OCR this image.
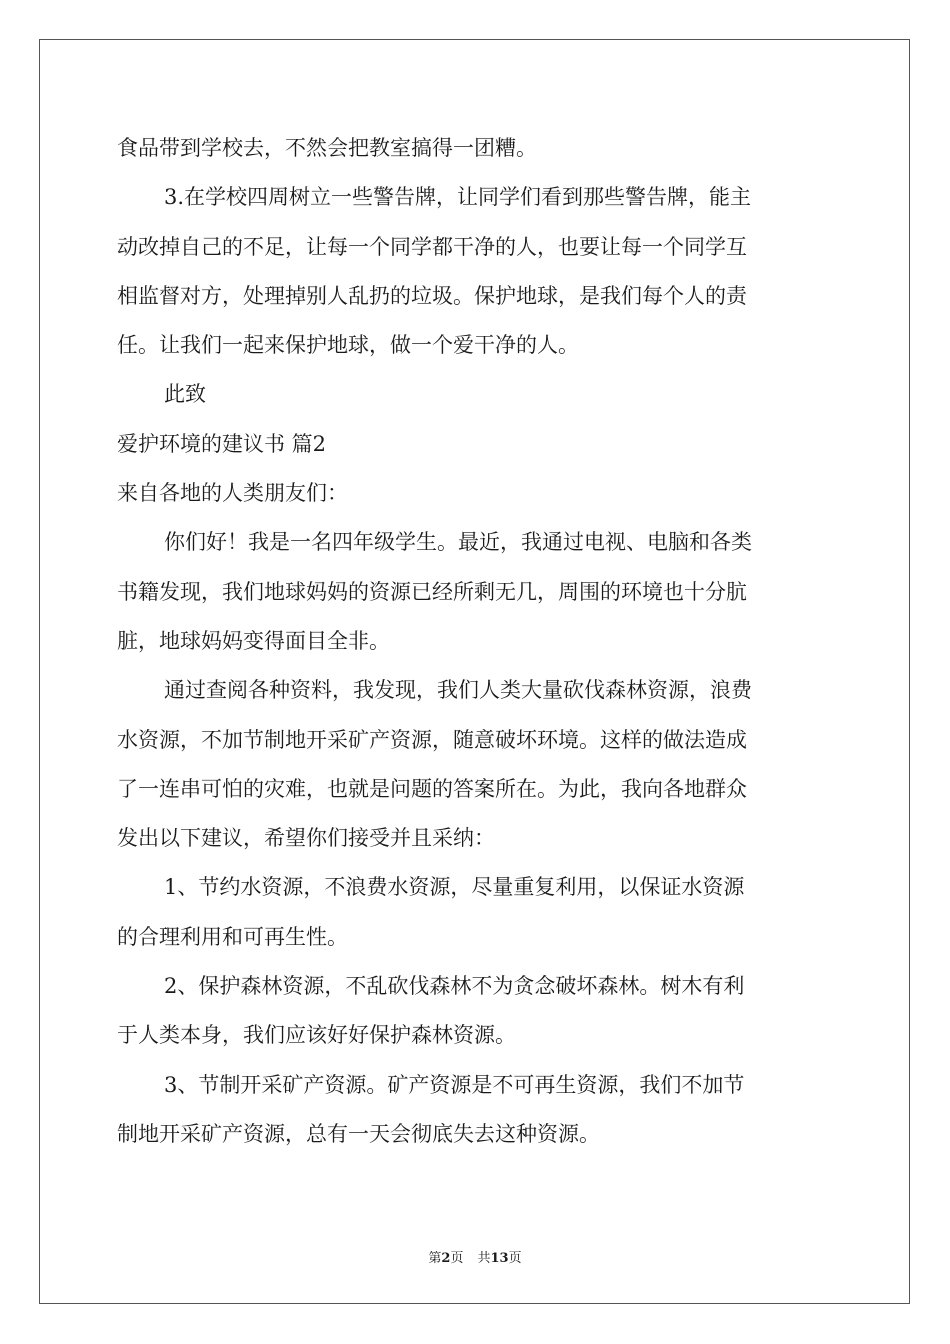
食品带到学校去，不然会把教室搞得一团糟。

3.在学校四周树立一些警告牌，让同学们看到那些警告牌，能主

动改掉自己的不足，让每一个同学都干净的人，也要让每一个同学互

相监督对方，处理掉别人乱扔的垃圾。保护地球，是我们每个人的责

任。让我们一起来保护地球，做一个爱干净的人。

此致

爱护环境的建议书 篇2

来自各地的人类朋友们：

你们好！我是一名四年级学生。最近，我通过电视、电脑和各类

书籍发现，我们地球妈妈的资源已经所剩无几，周围的环境也十分肮

脏，地球妈妈变得面目全非。

通过查阅各种资料，我发现，我们人类大量砍伐森林资源，浪费

水资源，不加节制地开采矿产资源，随意破坏环境。这样的做法造成

了一连串可怕的灾难，也就是问题的答案所在。为此，我向各地群众

发出以下建议，希望你们接受并且采纳：

1、节约水资源，不浪费水资源，尽量重复利用，以保证水资源

的合理利用和可再生性。

2、保护森林资源，不乱砍伐森林不为贪念破坏森林。树木有利

于人类本身，我们应该好好保护森林资源。

3、节制开采矿产资源。矿产资源是不可再生资源，我们不加节

制地开采矿产资源，总有一天会彻底失去这种资源。

第2页 共13页
